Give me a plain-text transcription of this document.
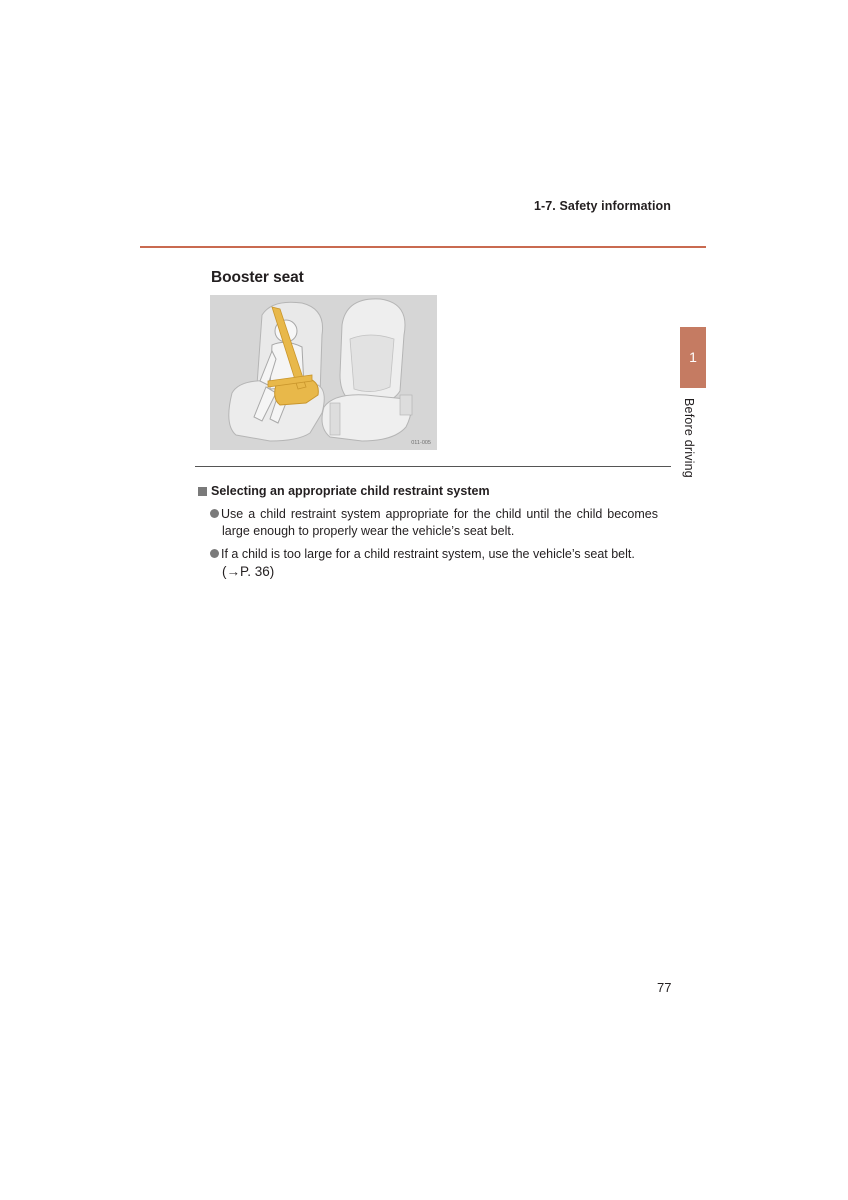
1-7. Safety information
1
Before driving
Booster seat
011-005
Selecting an appropriate child restraint system
Use a child restraint system appropriate for the child until the child becomes
large enough to properly wear the vehicle’s seat belt.
If a child is too large for a child restraint system, use the vehicle’s seat belt.
(→P. 36)
77
